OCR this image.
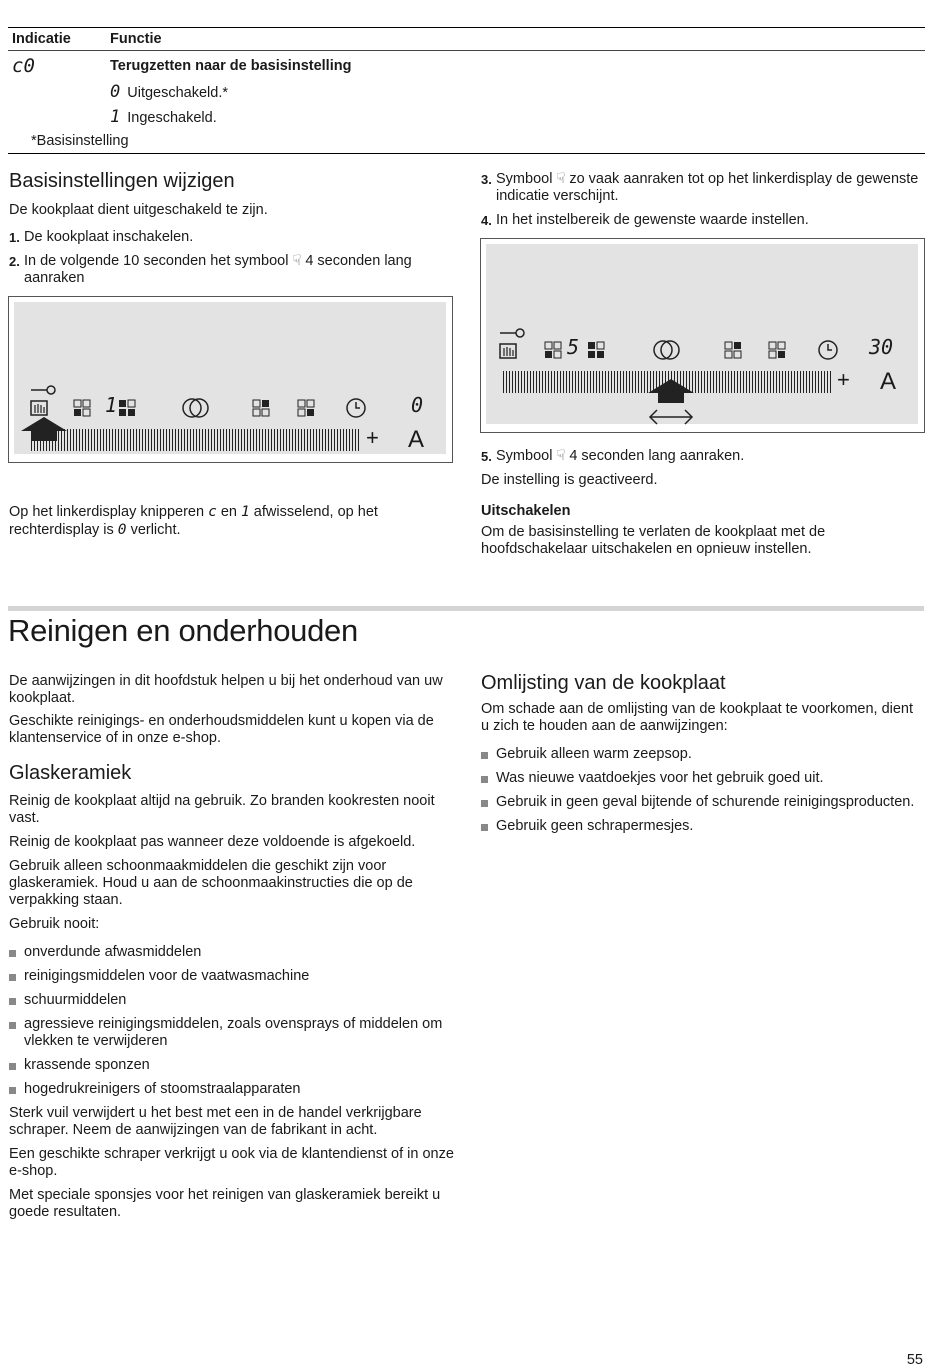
Indicatie	Functie
c0	Terugzetten naar de basisinstelling
0 Uitgeschakeld.*
1 Ingeschakeld.
*Basisinstelling
Basisinstellingen wijzigen

De kookplaat dient uitgeschakeld te zijn.

1. De kookplaat inschakelen.
2. In de volgende 10 seconden het symbool ☟ 4 seconden lang aanraken
1	0
+ A
Op het linkerdisplay knipperen c en 1 afwisselend, op het rechterdisplay is 0 verlicht.
3. Symbool ☟ zo vaak aanraken tot op het linkerdisplay de gewenste indicatie verschijnt.
4. In het instelbereik de gewenste waarde instellen.
5	30
+ A
5. Symbool ☟ 4 seconden lang aanraken.

De instelling is geactiveerd.

Uitschakelen

Om de basisinstelling te verlaten de kookplaat met de hoofdschakelaar uitschakelen en opnieuw instellen.

Reinigen en onderhouden

De aanwijzingen in dit hoofdstuk helpen u bij het onderhoud van uw kookplaat.

Geschikte reinigings- en onderhoudsmiddelen kunt u kopen via de klantenservice of in onze e-shop.

Glaskeramiek

Reinig de kookplaat altijd na gebruik. Zo branden kookresten nooit vast.

Reinig de kookplaat pas wanneer deze voldoende is afgekoeld.

Gebruik alleen schoonmaakmiddelen die geschikt zijn voor glaskeramiek. Houd u aan de schoonmaakinstructies die op de verpakking staan.

Gebruik nooit:

onverdunde afwasmiddelen
reinigingsmiddelen voor de vaatwasmachine
schuurmiddelen
agressieve reinigingsmiddelen, zoals ovensprays of middelen om vlekken te verwijderen
krassende sponzen
hogedrukreinigers of stoomstraalapparaten

Sterk vuil verwijdert u het best met een in de handel verkrijgbare schraper. Neem de aanwijzingen van de fabrikant in acht.

Een geschikte schraper verkrijgt u ook via de klantendienst of in onze e-shop.

Met speciale sponsjes voor het reinigen van glaskeramiek bereikt u goede resultaten.

Omlijsting van de kookplaat

Om schade aan de omlijsting van de kookplaat te voorkomen, dient u zich te houden aan de aanwijzingen:

Gebruik alleen warm zeepsop.
Was nieuwe vaatdoekjes voor het gebruik goed uit.
Gebruik in geen geval bijtende of schurende reinigingsproducten.
Gebruik geen schrapermesjes.
55
